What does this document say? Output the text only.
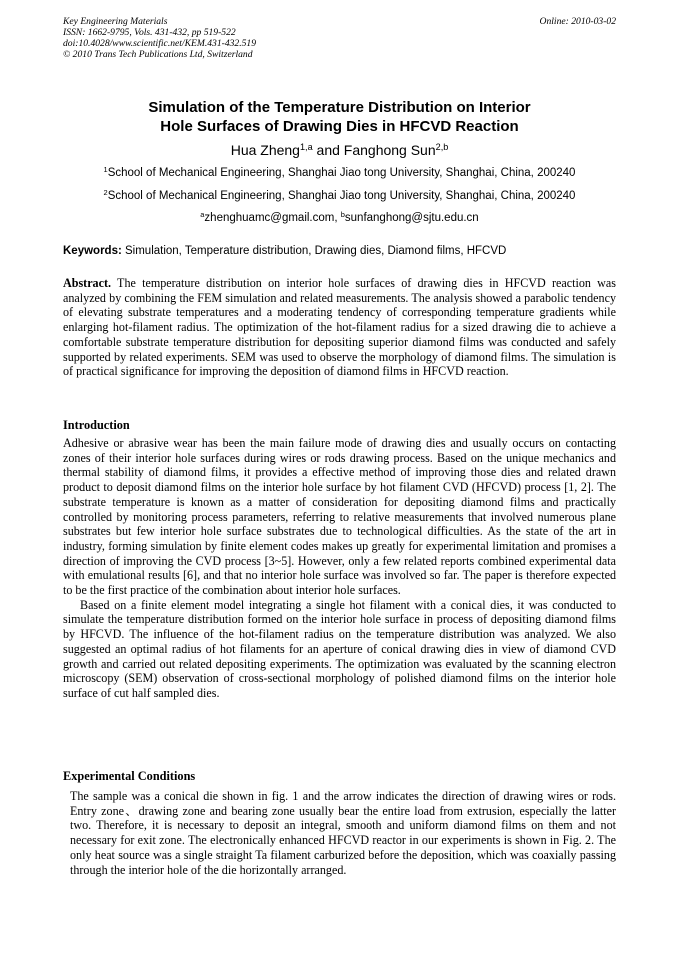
Key Engineering Materials
ISSN: 1662-9795, Vols. 431-432, pp 519-522
doi:10.4028/www.scientific.net/KEM.431-432.519
© 2010 Trans Tech Publications Ltd, Switzerland
Online: 2010-03-02
Simulation of the Temperature Distribution on Interior
Hole Surfaces of Drawing Dies in HFCVD Reaction
Hua Zheng$^{1,a}$ and Fanghong Sun$^{2,b}$
$^1$School of Mechanical Engineering, Shanghai Jiao tong University, Shanghai, China, 200240
$^2$School of Mechanical Engineering, Shanghai Jiao tong University, Shanghai, China, 200240
$^a$zhenghuamc@gmail.com, $^b$sunfanghong@sjtu.edu.cn
Keywords: Simulation, Temperature distribution, Drawing dies, Diamond films, HFCVD

Abstract. The temperature distribution on interior hole surfaces of drawing dies in HFCVD reaction was analyzed by combining the FEM simulation and related measurements. The analysis showed a parabolic tendency of elevating substrate temperatures and a moderating tendency of corresponding temperature gradients while enlarging hot-filament radius. The optimization of the hot-filament radius for a sized drawing die to achieve a comfortable substrate temperature distribution for depositing superior diamond films was conducted and safely supported by related experiments. SEM was used to observe the morphology of diamond films. The simulation is of practical significance for improving the deposition of diamond films in HFCVD reaction.

Introduction

Adhesive or abrasive wear has been the main failure mode of drawing dies and usually occurs on contacting zones of their interior hole surfaces during wires or rods drawing process. Based on the unique mechanics and thermal stability of diamond films, it provides a effective method of improving those dies and related drawn product to deposit diamond films on the interior hole surface by hot filament CVD (HFCVD) process [1, 2]. The substrate temperature is known as a matter of consideration for depositing diamond films and practically controlled by monitoring process parameters, referring to relative measurements that involved numerous plane substrates but few interior hole surface substrates due to technological difficulties. As the state of the art in industry, forming simulation by finite element codes makes up greatly for experimental limitation and promises a direction of improving the CVD process [3~5]. However, only a few related reports combined experimental data with emulational results [6], and that no interior hole surface was involved so far. The paper is therefore expected to be the first practice of the combination about interior hole surfaces.

Based on a finite element model integrating a single hot filament with a conical dies, it was conducted to simulate the temperature distribution formed on the interior hole surface in process of depositing diamond films by HFCVD. The influence of the hot-filament radius on the temperature distribution was analyzed. We also suggested an optimal radius of hot filaments for an aperture of conical drawing dies in view of diamond CVD growth and carried out related depositing experiments. The optimization was evaluated by the scanning electron microscopy (SEM) observation of cross-sectional morphology of polished diamond films on the interior hole surface of cut half sampled dies.

Experimental Conditions

The sample was a conical die shown in fig. 1 and the arrow indicates the direction of drawing wires or rods. Entry zone、drawing zone and bearing zone usually bear the entire load from extrusion, especially the latter two. Therefore, it is necessary to deposit an integral, smooth and uniform diamond films on them and not necessary for exit zone. The electronically enhanced HFCVD reactor in our experiments is shown in Fig. 2. The only heat source was a single straight Ta filament carburized before the deposition, which was coaxially passing through the interior hole of the die horizontally arranged.
